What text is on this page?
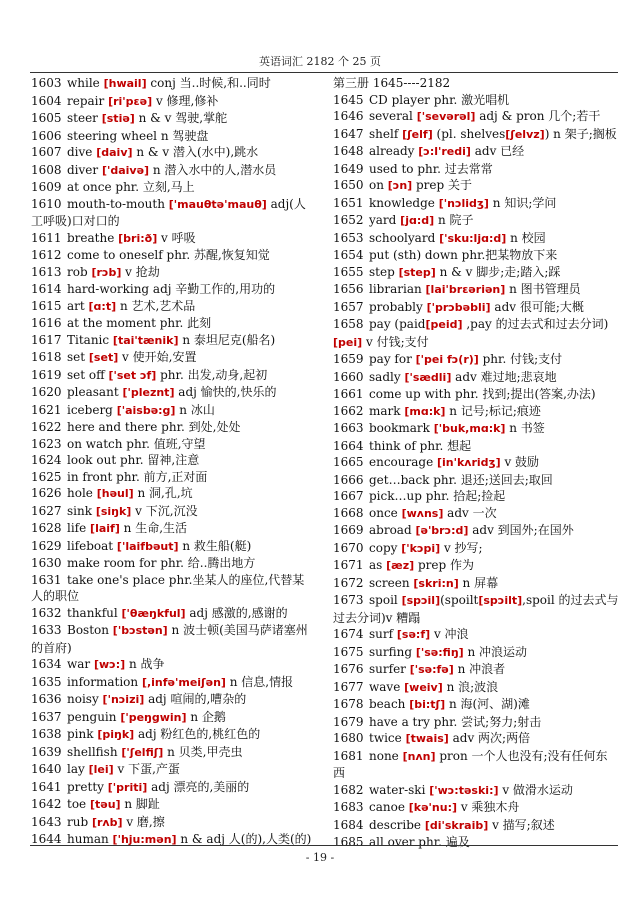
英语词汇 2182 个 25 页
1603 while [hwail] conj 当..时候,和..同时
1604 repair [ri'pɛə] v 修理,修补
1605 steer [stiə] n & v 驾驶,掌舵
1606 steering wheel n 驾驶盘
1607 dive [daiv] n & v 潜入(水中),跳水
1608 diver ['daivə] n 潜入水中的人,潜水员
1609 at once phr. 立刻,马上
1610 mouth-to-mouth ['mauθtə'mauθ] adj(人工呼吸)口对口的
1611 breathe [bri:ð] v 呼吸
1612 come to oneself phr. 苏醒,恢复知觉
1613 rob [rɔb] v 抢劫
1614 hard-working adj 辛勤工作的,用功的
1615 art [ɑ:t] n 艺术,艺术品
1616 at the moment phr. 此刻
1617 Titanic [tai'tænik] n 泰坦尼克(船名)
1618 set [set] v 使开始,安置
1619 set off ['set ɔf] phr. 出发,动身,起初
1620 pleasant ['pleznt] adj 愉快的,快乐的
1621 iceberg ['aisbə:g] n 冰山
1622 here and there phr. 到处,处处
1623 on watch phr. 值班,守望
1624 look out phr. 留神,注意
1625 in front phr. 前方,正对面
1626 hole [həul] n 洞,孔,坑
1627 sink [siŋk] v 下沉,沉没
1628 life [laif] n 生命,生活
1629 lifeboat ['laifbəut] n 救生船(艇)
1630 make room for phr. 给..腾出地方
1631 take one's place phr.坐某人的座位,代替某人的职位
1632 thankful ['θæŋkful] adj 感激的,感谢的
1633 Boston ['bɔstən] n 波士顿(美国马萨诸塞州的首府)
1634 war [wɔ:] n 战争
1635 information [,infə'meiʃən] n 信息,情报
1636 noisy ['nɔizi] adj 喧闹的,嘈杂的
1637 penguin ['peŋgwin] n 企鹅
1638 pink [piŋk] adj 粉红色的,桃红色的
1639 shellfish ['ʃelfiʃ] n 贝类,甲壳虫
1640 lay [lei] v 下蛋,产蛋
1641 pretty ['priti] adj 漂亮的,美丽的
1642 toe [təu] n 脚趾
1643 rub [rʌb] v 磨,擦
1644 human ['hju:mən] n & adj 人(的),人类(的)
第三册 1645----2182
1645 CD player phr. 激光唱机
1646 several ['sevərəl] adj & pron 几个;若干
1647 shelf [ʃelf] (pl. shelves[ʃelvz]) n 架子;搁板
1648 already [ɔ:l'redi] adv 已经
1649 used to phr. 过去常常
1650 on [ɔn] prep 关于
1651 knowledge ['nɔlidʒ] n 知识;学问
1652 yard [jɑ:d] n 院子
1653 schoolyard ['sku:ljɑ:d] n 校园
1654 put (sth) down phr.把某物放下来
1655 step [step] n & v 脚步;走;踏入;踩
1656 librarian [lai'brɛəriən] n 图书管理员
1657 probably ['prɔbəbli] adv 很可能;大概
1658 pay (paid[peid] ,pay 的过去式和过去分词)[pei] v 付钱;支付
1659 pay for ['pei fɔ(r)] phr. 付钱;支付
1660 sadly ['sædli] adv 难过地;悲哀地
1661 come up with phr. 找到;提出(答案,办法)
1662 mark [mɑ:k] n 记号;标记;痕迹
1663 bookmark ['buk,mɑ:k] n 书签
1664 think of phr. 想起
1665 encourage [in'kʌridʒ] v 鼓励
1666 get…back phr. 退还;送回去;取回
1667 pick…up phr. 拾起;捡起
1668 once [wʌns] adv 一次
1669 abroad [ə'brɔ:d] adv 到国外;在国外
1670 copy ['kɔpi] v 抄写;
1671 as [æz] prep 作为
1672 screen [skri:n] n 屏幕
1673 spoil [spɔil](spoilt[spɔilt],spoil 的过去式与过去分词)v 糟蹋
1674 surf [sə:f] v 冲浪
1675 surfing ['sə:fiŋ] n 冲浪运动
1676 surfer ['sə:fə] n 冲浪者
1677 wave [weiv] n 浪;波浪
1678 beach [bi:tʃ] n 海(河、湖)滩
1679 have a try phr. 尝试;努力;射击
1680 twice [twais] adv 两次;两倍
1681 none [nʌn] pron 一个人也没有;没有任何东西
1682 water-ski ['wɔ:təski:] v 做滑水运动
1683 canoe [kə'nu:] v 乘独木舟
1684 describe [di'skraib] v 描写;叙述
1685 all over phr. 遍及
- 19 -
